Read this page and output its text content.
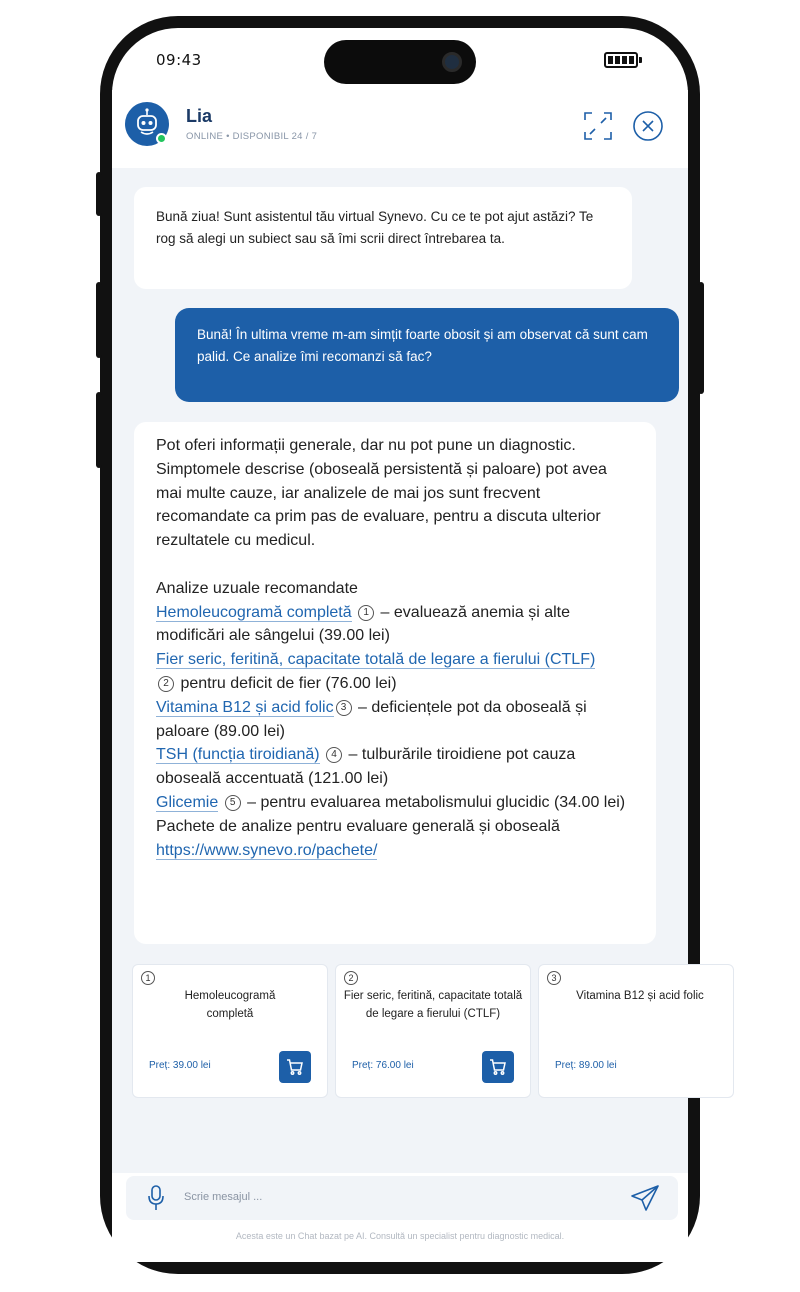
09:43
Lia
ONLINE • DISPONIBIL 24 / 7
Bună ziua! Sunt asistentul tău virtual Synevo. Cu ce te pot ajut astăzi? Te rog să alegi un subiect sau să îmi scrii direct întrebarea ta.
Bună! În ultima vreme m-am simțit foarte obosit și am observat că sunt cam palid. Ce analize îmi recomanzi să fac?
Pot oferi informații generale, dar nu pot pune un diagnostic.
Simptomele descrise (oboseală persistentă și paloare) pot avea mai multe cauze, iar analizele de mai jos sunt frecvent recomandate ca prim pas de evaluare, pentru a discuta ulterior rezultatele cu medicul.
Analize uzuale recomandate
Hemoleucogramă completă 1 – evaluează anemia și alte modificări ale sângelui (39.00 lei)
Fier seric, feritină, capacitate totală de legare a fierului (CTLF)
2 pentru deficit de fier (76.00 lei)
Vitamina B12 și acid folic 3 – deficiențele pot da oboseală și paloare (89.00 lei)
TSH (funcția tiroidiană) 4 – tulburările tiroidiene pot cauza oboseală accentuată (121.00 lei)
Glicemie 5 – pentru evaluarea metabolismului glucidic (34.00 lei)
Pachete de analize pentru evaluare generală și oboseală
https://www.synevo.ro/pachete/
1
Hemoleucogramă completă
Preț: 39.00 lei
2
Fier seric, feritină, capacitate totală de legare a fierului (CTLF)
Preț: 76.00 lei
3
Vitamina B12 și acid folic
Preț: 89.00 lei
Scrie mesajul ...
Acesta este un Chat bazat pe AI. Consultă un specialist pentru diagnostic medical.
